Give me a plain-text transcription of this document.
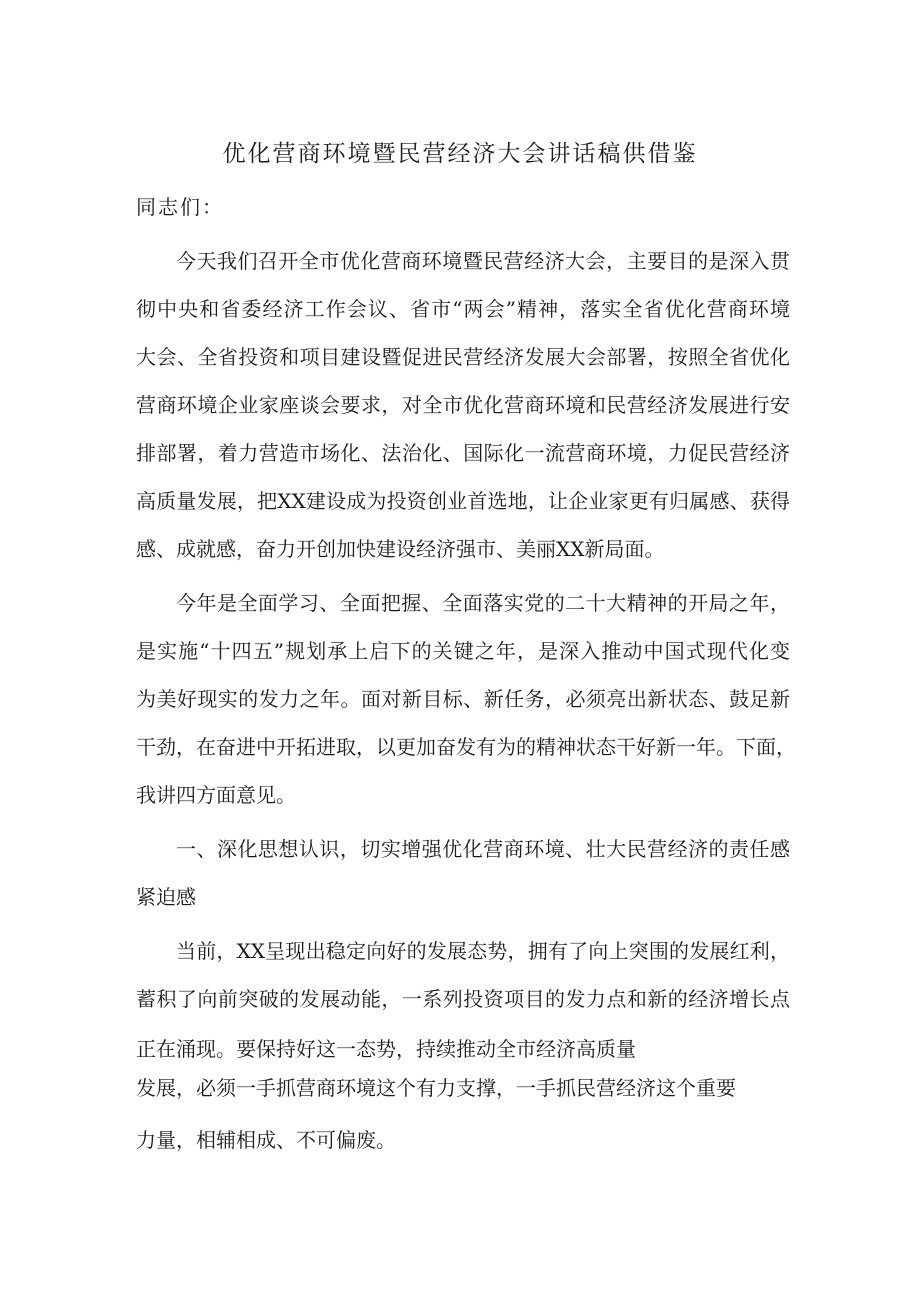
优化营商环境暨民营经济大会讲话稿供借鉴
同志们：
今天我们召开全市优化营商环境暨民营经济大会，主要目的是深入贯
彻中央和省委经济工作会议、省市“两会”精神，落实全省优化营商环境
大会、全省投资和项目建设暨促进民营经济发展大会部署，按照全省优化
营商环境企业家座谈会要求，对全市优化营商环境和民营经济发展进行安
排部署，着力营造市场化、法治化、国际化一流营商环境，力促民营经济
高质量发展，把XX建设成为投资创业首选地，让企业家更有归属感、获得
感、成就感，奋力开创加快建设经济强市、美丽XX新局面。
今年是全面学习、全面把握、全面落实党的二十大精神的开局之年，
是实施“十四五”规划承上启下的关键之年，是深入推动中国式现代化变
为美好现实的发力之年。面对新目标、新任务，必须亮出新状态、鼓足新
干劲，在奋进中开拓进取，以更加奋发有为的精神状态干好新一年。下面，
我讲四方面意见。
一、深化思想认识，切实增强优化营商环境、壮大民营经济的责任感
紧迫感
当前，XX呈现出稳定向好的发展态势，拥有了向上突围的发展红利，
蓄积了向前突破的发展动能，一系列投资项目的发力点和新的经济增长点
正在涌现。要保持好这一态势，持续推动全市经济高质量
发展，必须一手抓营商环境这个有力支撑，一手抓民营经济这个重要
力量，相辅相成、不可偏废。
